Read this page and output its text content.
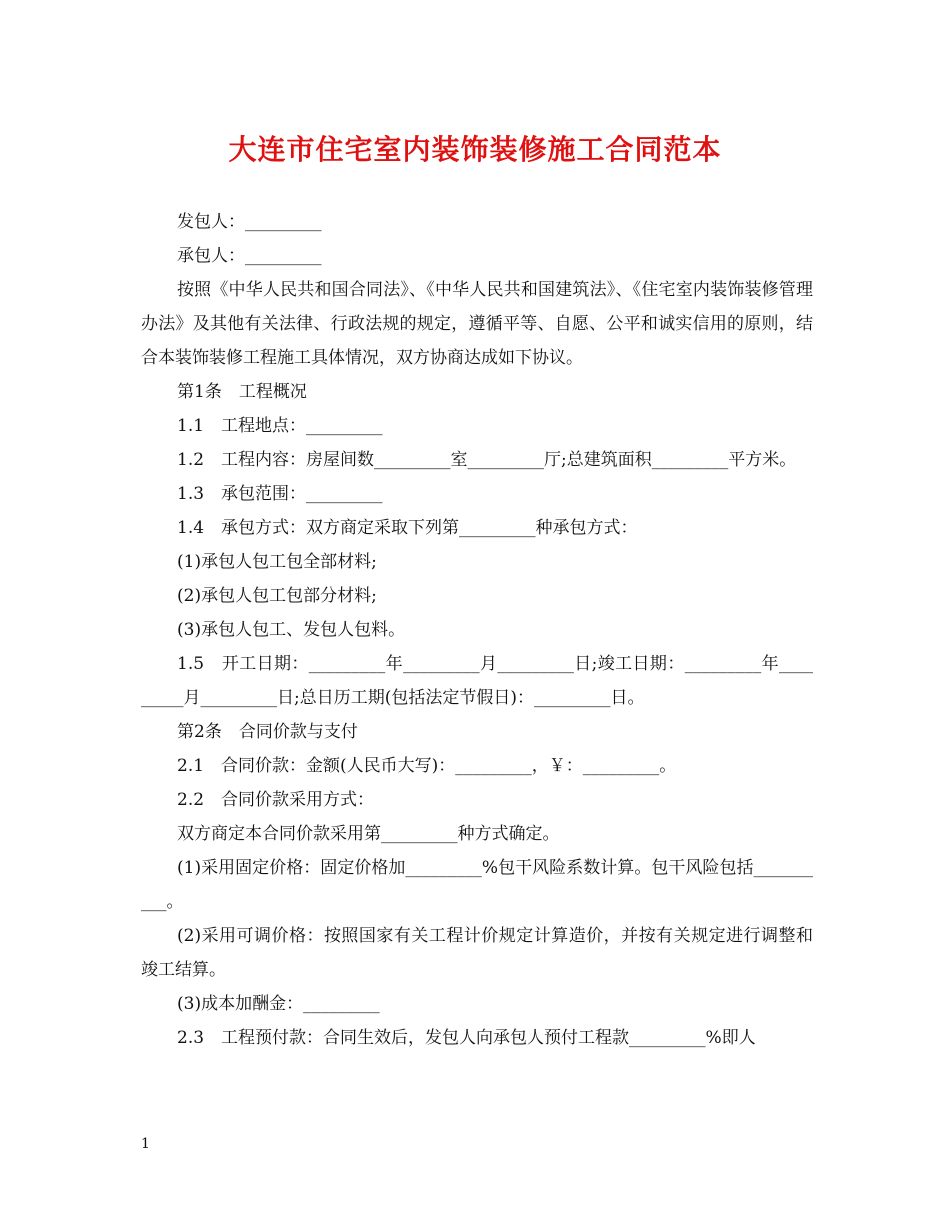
大连市住宅室内装饰装修施工合同范本

发包人：_________

承包人：_________

按照《中华人民共和国合同法》、《中华人民共和国建筑法》、《住宅室内装饰装修管理办法》及其他有关法律、行政法规的规定，遵循平等、自愿、公平和诚实信用的原则，结合本装饰装修工程施工具体情况，双方协商达成如下协议。

第1条　工程概况

1.1　工程地点：_________

1.2　工程内容：房屋间数_________室_________厅;总建筑面积_________平方米。

1.3　承包范围：_________

1.4　承包方式：双方商定采取下列第_________种承包方式：

(1)承包人包工包全部材料;

(2)承包人包工包部分材料;

(3)承包人包工、发包人包料。

1.5　开工日期：_________年_________月_________日;竣工日期：_________年_________月_________日;总日历工期(包括法定节假日)：_________日。

第2条　合同价款与支付

2.1　合同价款：金额(人民币大写)：_________，￥：_________。

2.2　合同价款采用方式：

双方商定本合同价款采用第_________种方式确定。

(1)采用固定价格：固定价格加_________%包干风险系数计算。包干风险包括__________。

(2)采用可调价格：按照国家有关工程计价规定计算造价，并按有关规定进行调整和竣工结算。

(3)成本加酬金：_________

2.3　工程预付款：合同生效后，发包人向承包人预付工程款_________%即人

1
